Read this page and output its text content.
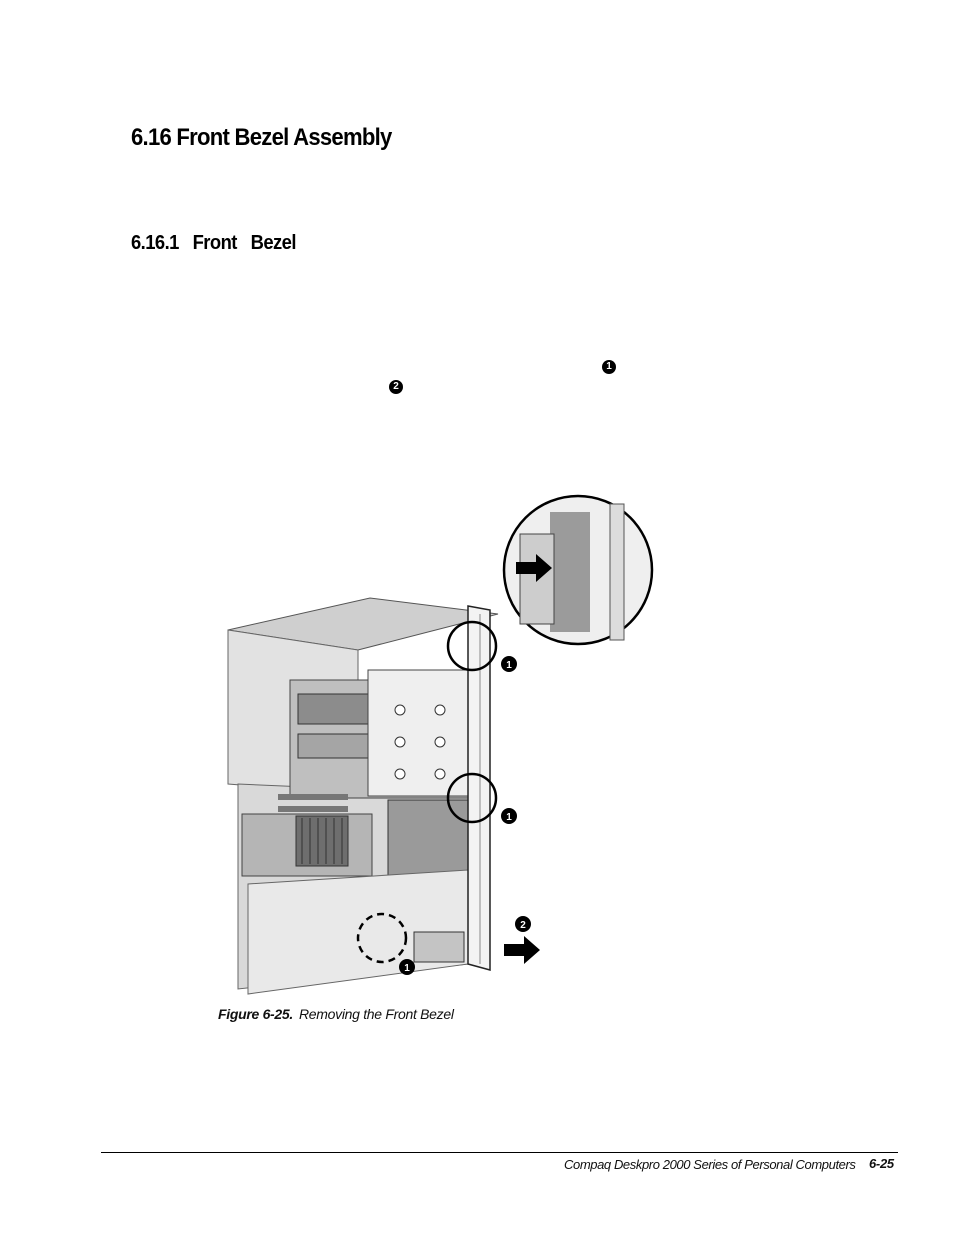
6.16 Front Bezel Assembly
6.16.1 Front Bezel
1
2
1
1
1
2
Figure 6-25. Removing the Front Bezel
Compaq Deskpro 2000 Series of Personal Computers 6-25
